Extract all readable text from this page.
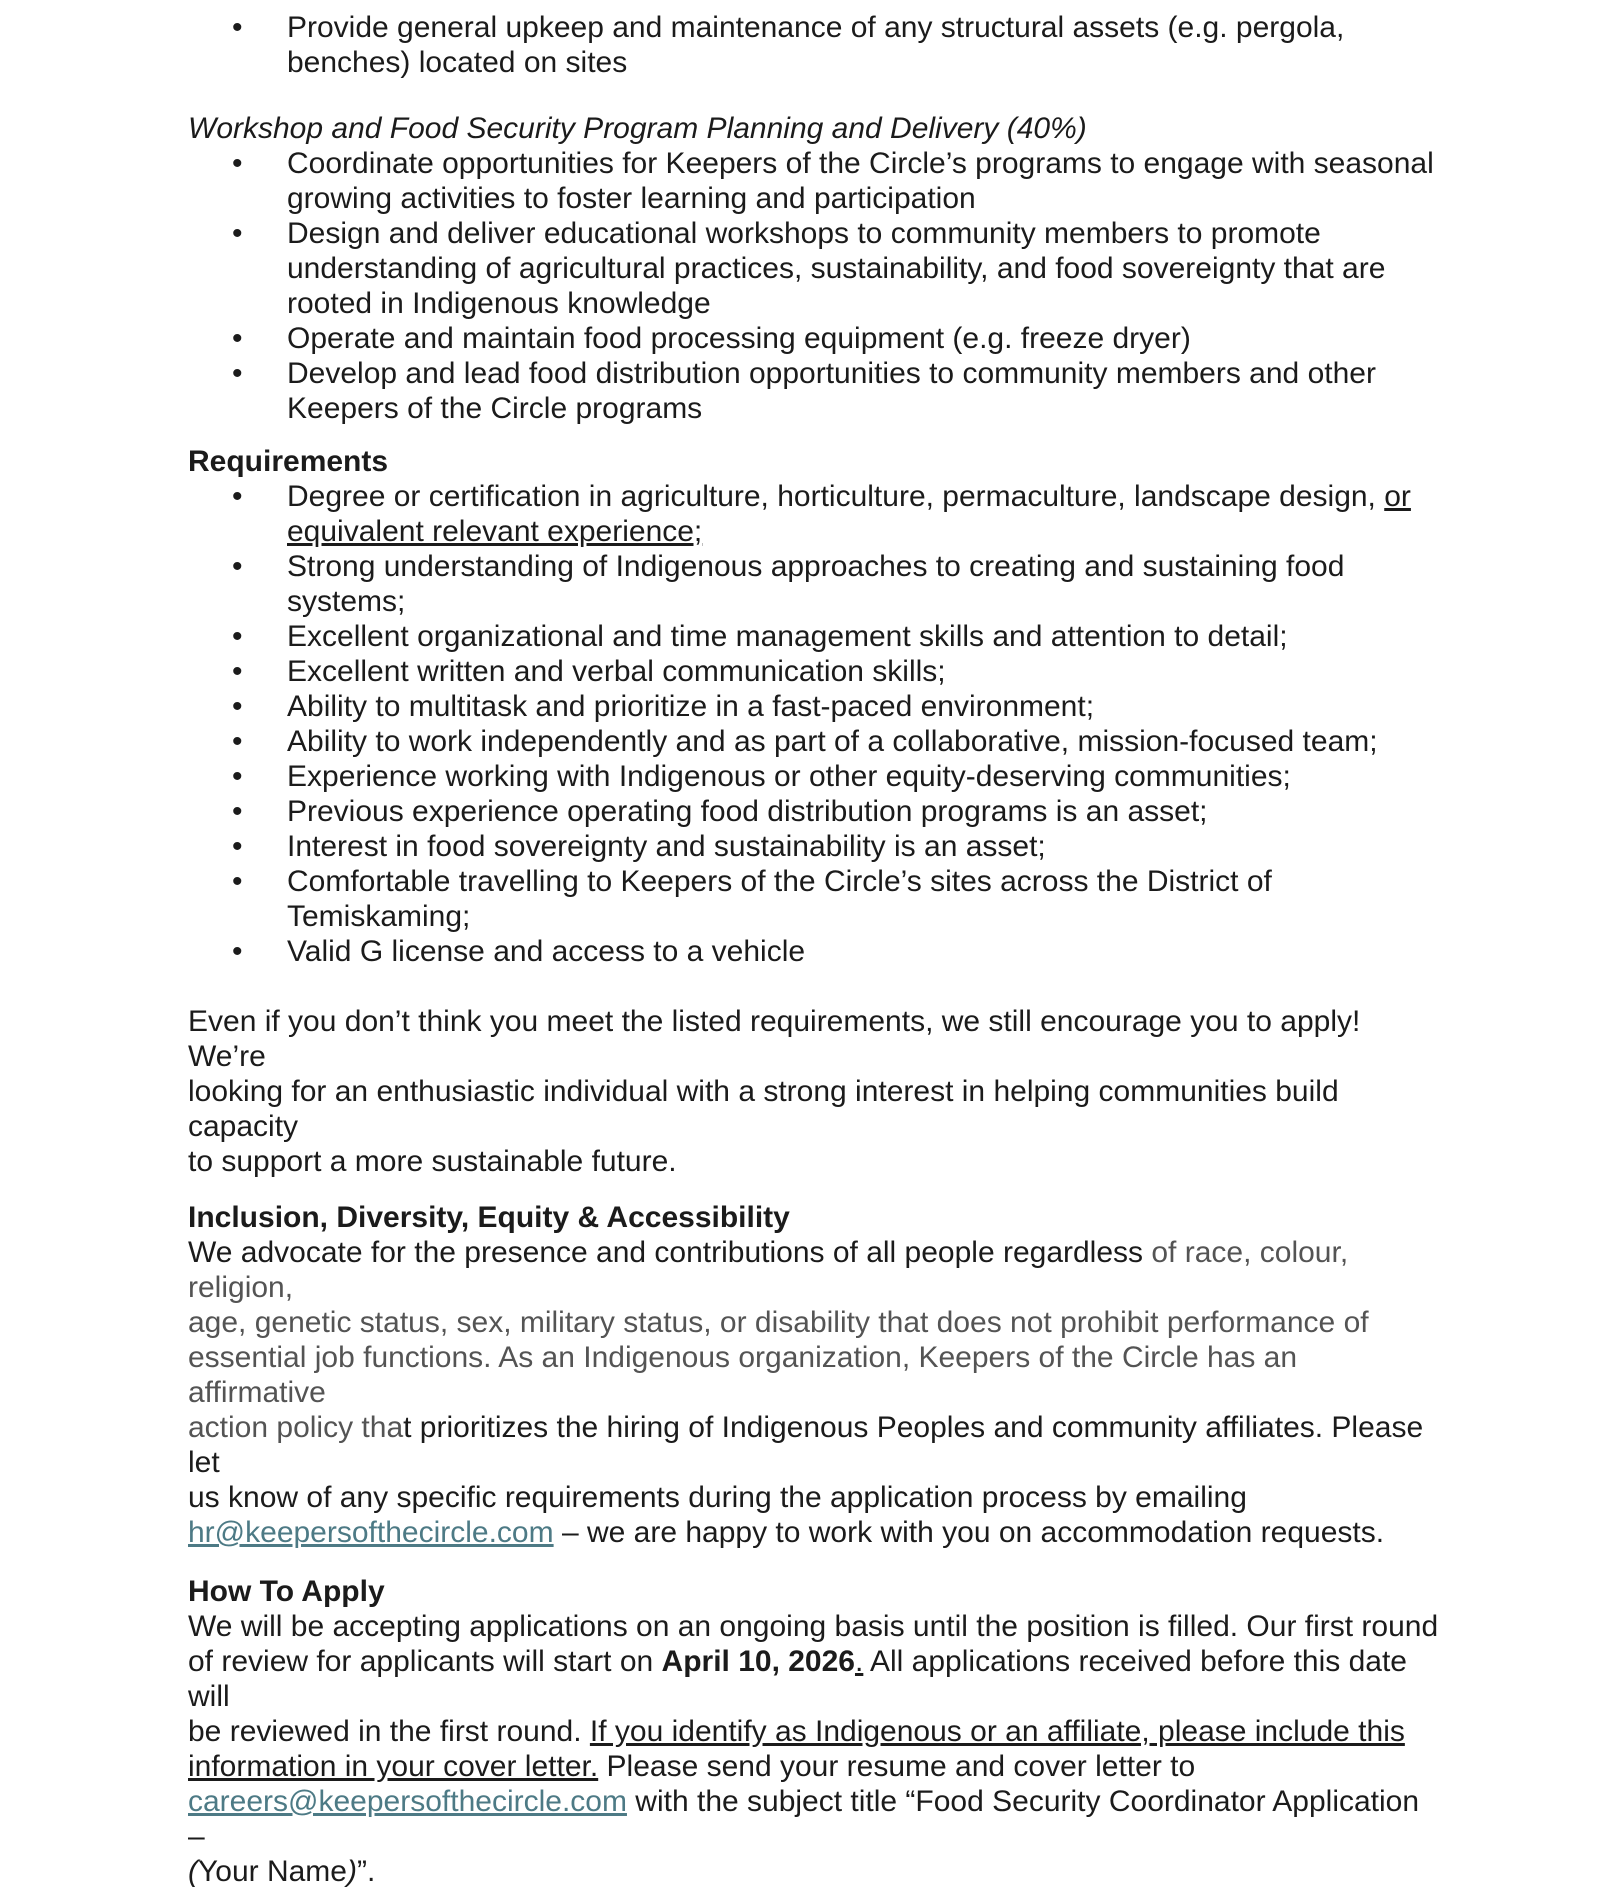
• Provide general upkeep and maintenance of any structural assets (e.g. pergola,
benches) located on sites
Workshop and Food Security Program Planning and Delivery (40%)
• Coordinate opportunities for Keepers of the Circle’s programs to engage with seasonal
growing activities to foster learning and participation
• Design and deliver educational workshops to community members to promote
understanding of agricultural practices, sustainability, and food sovereignty that are
rooted in Indigenous knowledge
• Operate and maintain food processing equipment (e.g. freeze dryer)
• Develop and lead food distribution opportunities to community members and other
Keepers of the Circle programs
Requirements
• Degree or certification in agriculture, horticulture, permaculture, landscape design, or
equivalent relevant experience;
• Strong understanding of Indigenous approaches to creating and sustaining food
systems;
• Excellent organizational and time management skills and attention to detail;
• Excellent written and verbal communication skills;
• Ability to multitask and prioritize in a fast-paced environment;
• Ability to work independently and as part of a collaborative, mission-focused team;
• Experience working with Indigenous or other equity-deserving communities;
• Previous experience operating food distribution programs is an asset;
• Interest in food sovereignty and sustainability is an asset;
• Comfortable travelling to Keepers of the Circle’s sites across the District of
Temiskaming;
• Valid G license and access to a vehicle
Even if you don’t think you meet the listed requirements, we still encourage you to apply! We’re
looking for an enthusiastic individual with a strong interest in helping communities build capacity
to support a more sustainable future.
Inclusion, Diversity, Equity & Accessibility
We advocate for the presence and contributions of all people regardless of race, colour, religion,
age, genetic status, sex, military status, or disability that does not prohibit performance of
essential job functions. As an Indigenous organization, Keepers of the Circle has an affirmative
action policy that prioritizes the hiring of Indigenous Peoples and community affiliates. Please let
us know of any specific requirements during the application process by emailing
hr@keepersofthecircle.com – we are happy to work with you on accommodation requests.
How To Apply
We will be accepting applications on an ongoing basis until the position is filled. Our first round
of review for applicants will start on April 10, 2026. All applications received before this date will
be reviewed in the first round. If you identify as Indigenous or an affiliate, please include this
information in your cover letter. Please send your resume and cover letter to
careers@keepersofthecircle.com with the subject title “Food Security Coordinator Application –
(Your Name)”.
